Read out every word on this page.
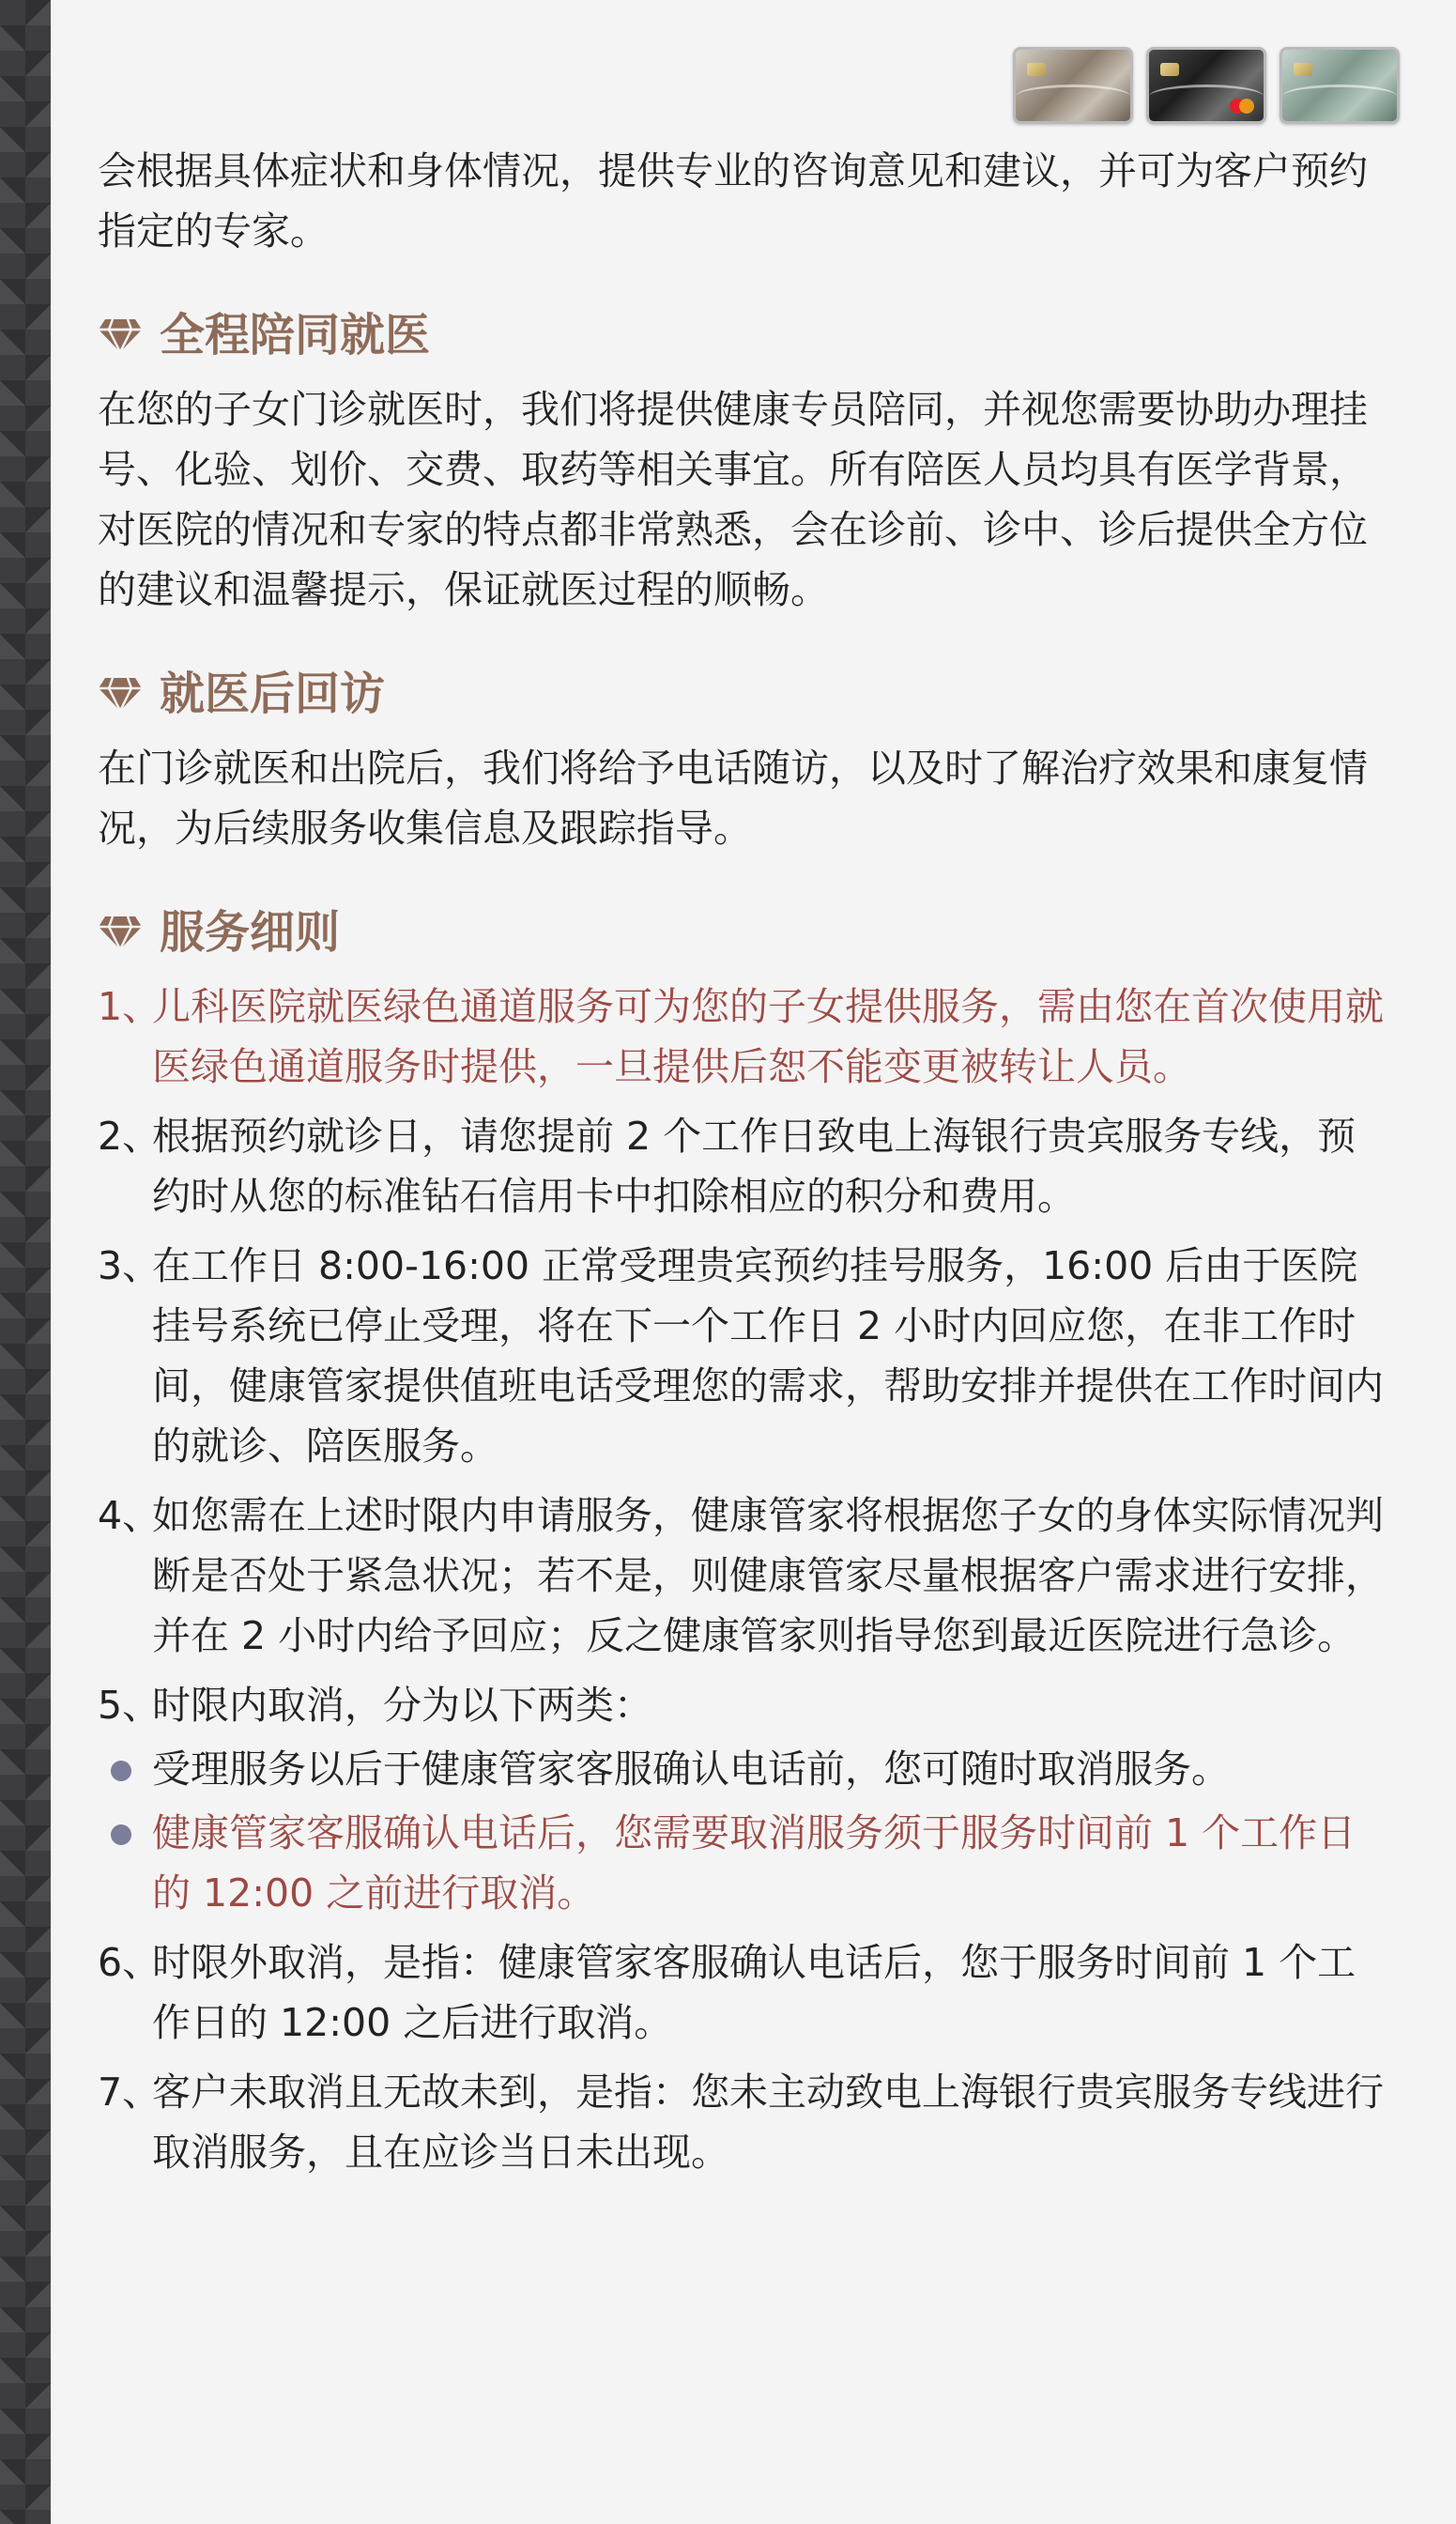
会根据具体症状和身体情况，提供专业的咨询意见和建议，并可为客户预约指定的专家。

全程陪同就医

在您的子女门诊就医时，我们将提供健康专员陪同，并视您需要协助办理挂号、化验、划价、交费、取药等相关事宜。所有陪医人员均具有医学背景，对医院的情况和专家的特点都非常熟悉，会在诊前、诊中、诊后提供全方位的建议和温馨提示，保证就医过程的顺畅。

就医后回访

在门诊就医和出院后，我们将给予电话随访，以及时了解治疗效果和康复情况，为后续服务收集信息及跟踪指导。

服务细则
1、
儿科医院就医绿色通道服务可为您的子女提供服务，需由您在首次使用就医绿色通道服务时提供，一旦提供后恕不能变更被转让人员。
2、
根据预约就诊日，请您提前 2 个工作日致电上海银行贵宾服务专线，预约时从您的标准钻石信用卡中扣除相应的积分和费用。
3、
在工作日 8:00-16:00 正常受理贵宾预约挂号服务，16:00 后由于医院挂号系统已停止受理，将在下一个工作日 2 小时内回应您，在非工作时间，健康管家提供值班电话受理您的需求，帮助安排并提供在工作时间内的就诊、陪医服务。
4、
如您需在上述时限内申请服务，健康管家将根据您子女的身体实际情况判断是否处于紧急状况；若不是，则健康管家尽量根据客户需求进行安排，并在 2 小时内给予回应；反之健康管家则指导您到最近医院进行急诊。
5、
时限内取消，分为以下两类：
受理服务以后于健康管家客服确认电话前，您可随时取消服务。
健康管家客服确认电话后，您需要取消服务须于服务时间前 1 个工作日的 12:00 之前进行取消。
6、
时限外取消，是指：健康管家客服确认电话后，您于服务时间前 1 个工作日的 12:00 之后进行取消。
7、
客户未取消且无故未到，是指：您未主动致电上海银行贵宾服务专线进行取消服务，且在应诊当日未出现。
